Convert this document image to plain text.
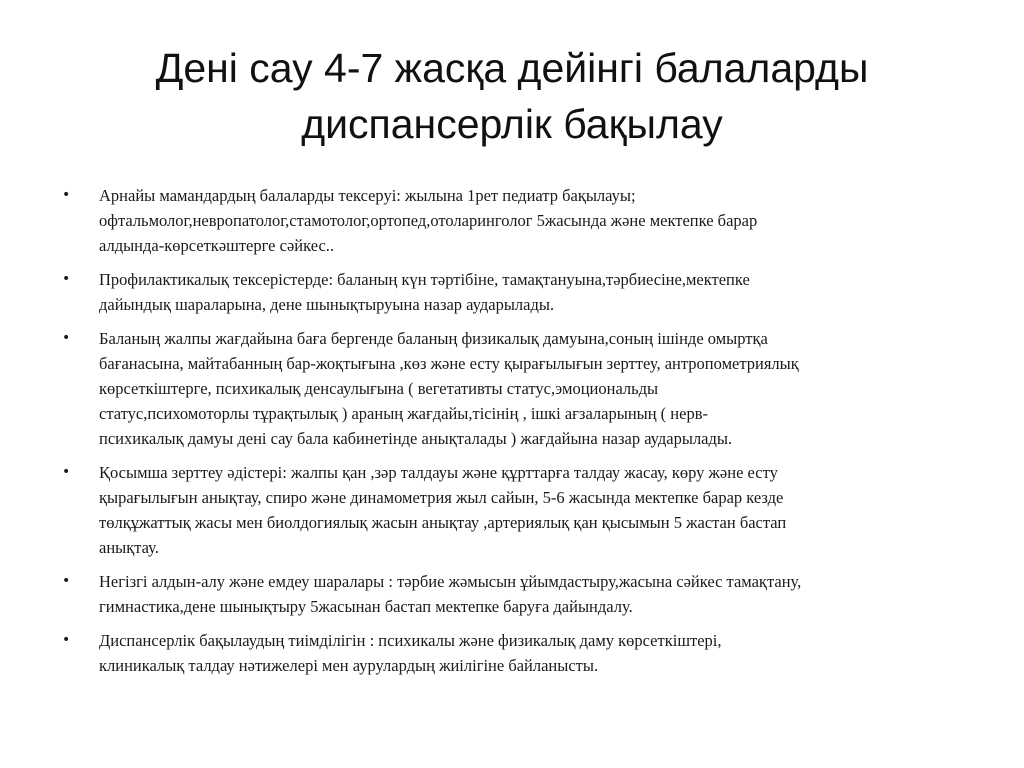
Дені сау 4-7 жасқа дейінгі балаларды
диспансерлік бақылау
• Арнайы мамандардың балаларды тексеруі: жылына 1рет педиатр бақылауы;
офтальмолог,невропатолог,стамотолог,ортопед,отоларинголог 5жасында және мектепке барар
алдында-көрсеткәштерге сәйкес..
• Профилактикалық тексерістерде: баланың күн тәртібіне, тамақтануына,тәрбиесіне,мектепке
дайындық шараларына, дене шынықтыруына назар аударылады.
• Баланың жалпы жағдайына баға бергенде баланың физикалық дамуына,соның ішінде омыртқа
бағанасына, майтабанның бар-жоқтығына ,көз және есту қырағылығын зерттеу, антропометриялық
көрсеткіштерге, психикалық денсаулығына ( вегетативты статус,эмоциональды
статус,психомоторлы тұрақтылық ) араның жағдайы,тісінің , ішкі ағзаларының ( нерв-
психикалық дамуы дені сау бала кабинетінде анықталады ) жағдайына назар аударылады.
• Қосымша зерттеу әдістері: жалпы қан ,зәр талдауы және құрттарға талдау жасау, көру және есту
қырағылығын анықтау, спиро және динамометрия жыл сайын, 5-6 жасында мектепке барар кезде
төлқұжаттық жасы мен биолдогиялық жасын анықтау ,артериялық қан қысымын 5 жастан бастап
анықтау.
• Негізгі алдын-алу және емдеу шаралары : тәрбие жәмысын ұйымдастыру,жасына сәйкес тамақтану,
гимнастика,дене шынықтыру 5жасынан бастап мектепке баруға дайындалу.
• Диспансерлік бақылаудың тиімділігін : психикалы және физикалық даму көрсеткіштері,
клиникалық талдау нәтижелері мен аурулардың жиілігіне байланысты.
